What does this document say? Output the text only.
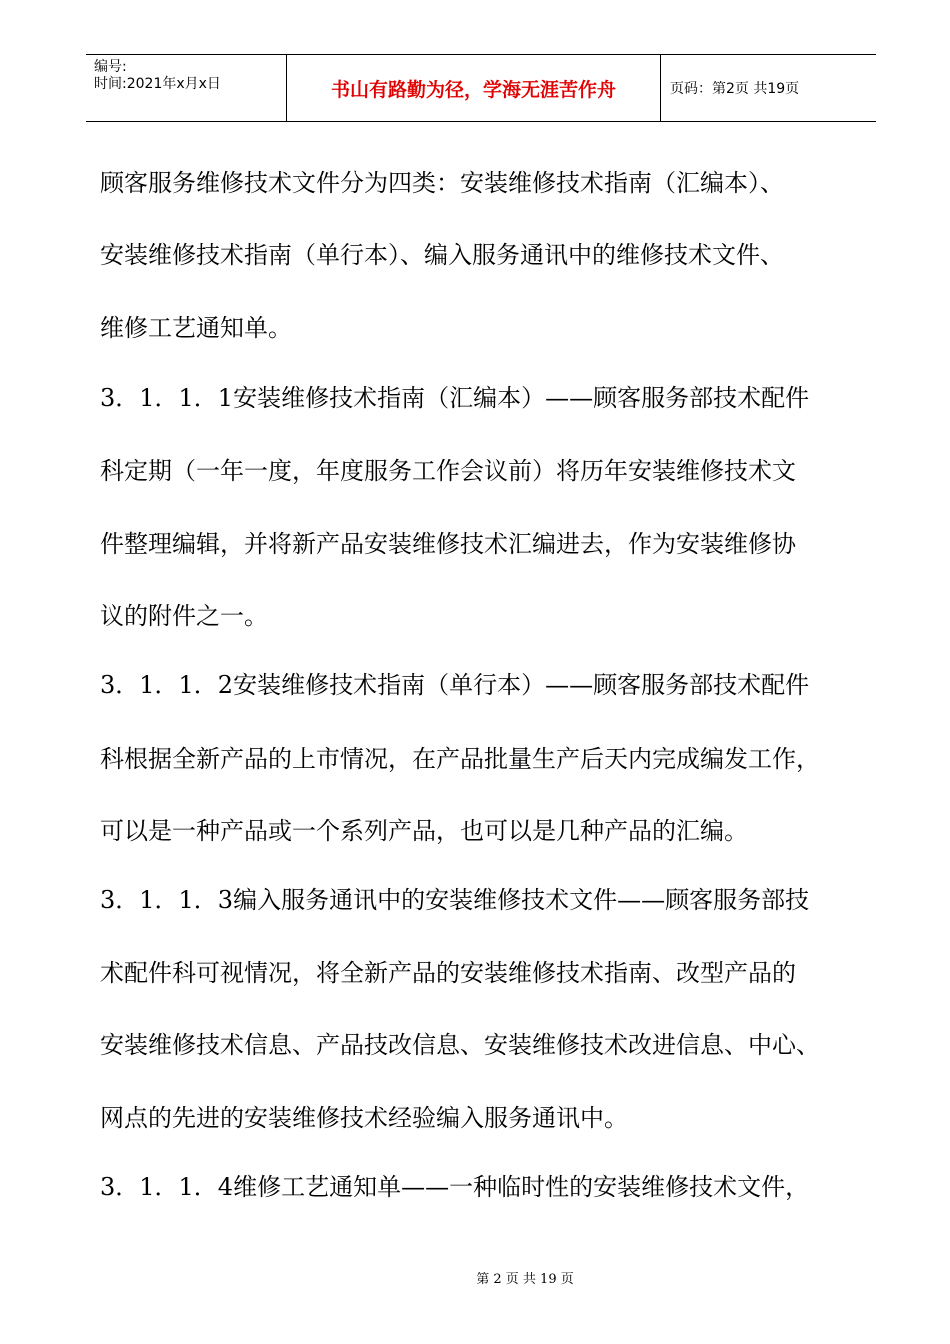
编号:
时间:2021年x月x日	书山有路勤为径，学海无涯苦作舟	页码：第2页 共19页
顾客服务维修技术文件分为四类：安装维修技术指南（汇编本）、
安装维修技术指南（单行本）、编入服务通讯中的维修技术文件、
维修工艺通知单。
3．1．1．1安装维修技术指南（汇编本）——顾客服务部技术配件
科定期（一年一度，年度服务工作会议前）将历年安装维修技术文
件整理编辑，并将新产品安装维修技术汇编进去，作为安装维修协
议的附件之一。
3．1．1．2安装维修技术指南（单行本）——顾客服务部技术配件
科根据全新产品的上市情况，在产品批量生产后天内完成编发工作，
可以是一种产品或一个系列产品，也可以是几种产品的汇编。
3．1．1．3编入服务通讯中的安装维修技术文件——顾客服务部技
术配件科可视情况，将全新产品的安装维修技术指南、改型产品的
安装维修技术信息、产品技改信息、安装维修技术改进信息、中心、
网点的先进的安装维修技术经验编入服务通讯中。
3．1．1．4维修工艺通知单——一种临时性的安装维修技术文件，
第 2 页 共 19 页
